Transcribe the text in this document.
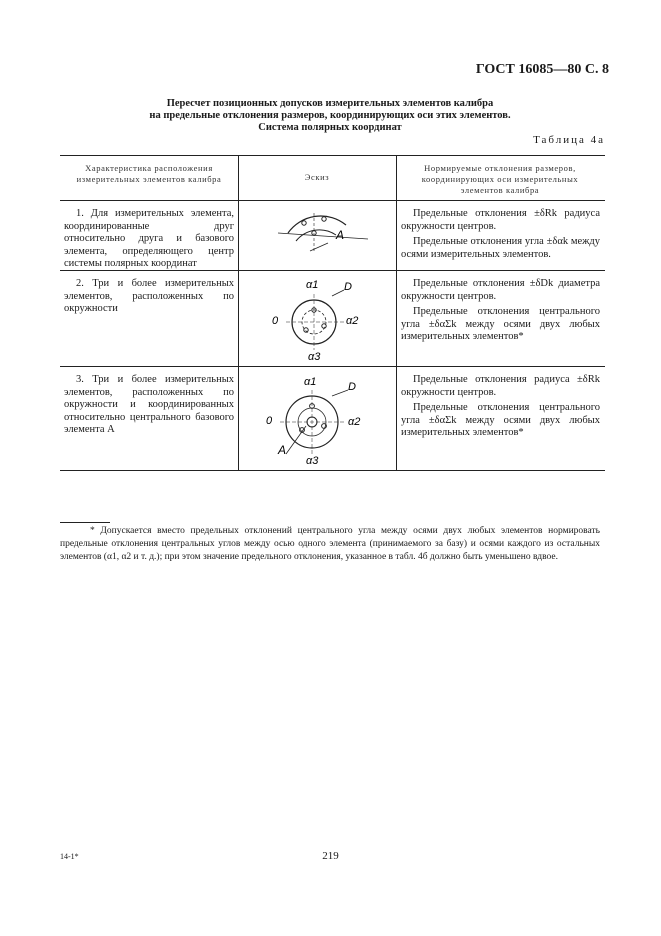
ГОСТ 16085—80 С. 8
Пересчет позиционных допусков измерительных элементов калибра
на предельные отклонения размеров, координирующих оси этих элементов.
Система полярных координат
Таблица 4а
Характеристика расположения измерительных элементов калибра	Эскиз
Нормируемые отклонения размеров, координирующих оси измерительных элементов калибра
1. Для измерительных элемента, координированные друг относительно друга и базового элемента, определяющего центр системы полярных координат

Предельные отклонения ±δRk радиуса окружности центров.

Предельные отклонения угла ±δαk между осями измерительных элементов.

A
2. Три и более измерительных элементов, расположенных по окружности

Предельные отклонения ±δDk диаметра окружности центров.

Предельные отклонения центрального угла ±δαΣk между осями двух любых измерительных элементов*

α1 D
α2
0
α3
3. Три и более измерительных элементов, расположенных по окружности и координированных относительно центрального базового элемента А

Предельные отклонения радиуса ±δRk окружности центров.

Предельные отклонения центрального угла ±δαΣk между осями двух любых измерительных элементов*

α1	D
α2
0
A
α3
* Допускается вместо предельных отклонений центрального угла между осями двух любых элементов нормировать предельные отклонения центральных углов между осью одного элемента (принимаемого за базу) и осями каждого из остальных элементов (α1, α2 и т. д.); при этом значение предельного отклонения, указанное в табл. 4б должно быть уменьшено вдвое.
219
14-1*
